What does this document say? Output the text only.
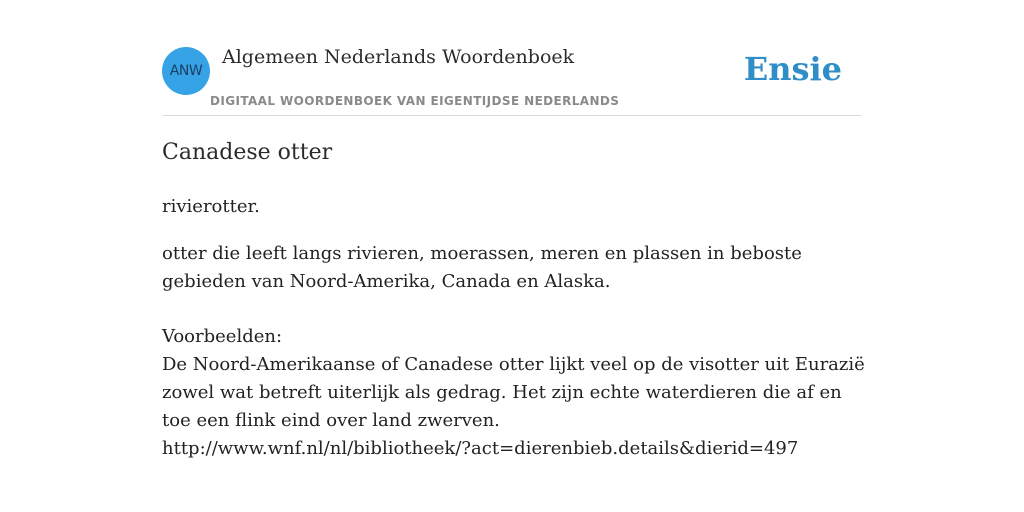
ANW
Algemeen Nederlands Woordenboek
DIGITAAL WOORDENBOEK VAN EIGENTIJDSE NEDERLANDS
Ensie
Canadese otter
rivierotter.
otter die leeft langs rivieren, moerassen, meren en plassen in beboste gebieden van Noord-Amerika, Canada en Alaska.
Voorbeelden:
De Noord-Amerikaanse of Canadese otter lijkt veel op de visotter uit Eurazië zowel wat betreft uiterlijk als gedrag. Het zijn echte waterdieren die af en toe een flink eind over land zwerven.
http://www.wnf.nl/nl/bibliotheek/?act=dierenbieb.details&dierid=497
